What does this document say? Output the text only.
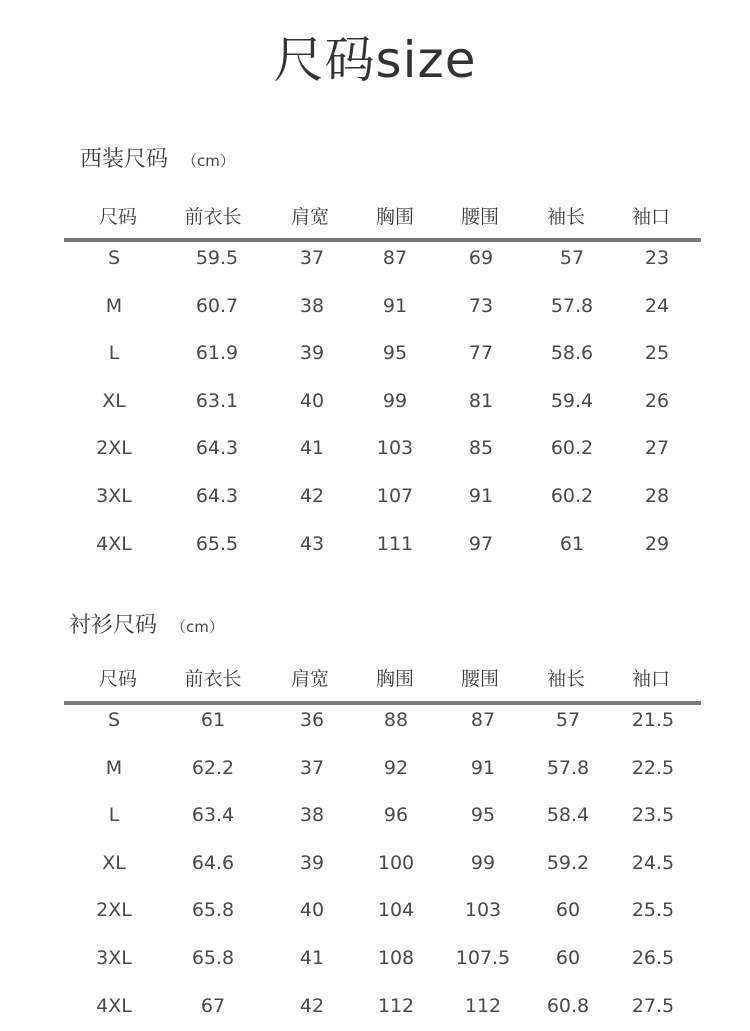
尺码size
西装尺码 （cm）
尺码	前衣长	肩宽	胸围	腰围	袖长	袖口
S	59.5	37	87	69	57	23
M	60.7	38	91	73	57.8	24
L	61.9	39	95	77	58.6	25
XL	63.1	40	99	81	59.4	26
2XL	64.3	41	103	85	60.2	27
3XL	64.3	42	107	91	60.2	28
4XL	65.5	43	111	97	61	29
衬衫尺码 （cm）
尺码	前衣长	肩宽	胸围	腰围	袖长	袖口
S	61	36	88	87	57	21.5
M	62.2	37	92	91	57.8	22.5
L	63.4	38	96	95	58.4	23.5
XL	64.6	39	100	99	59.2	24.5
2XL	65.8	40	104	103	60	25.5
3XL	65.8	41	108	107.5	60	26.5
4XL	67	42	112	112	60.8	27.5
